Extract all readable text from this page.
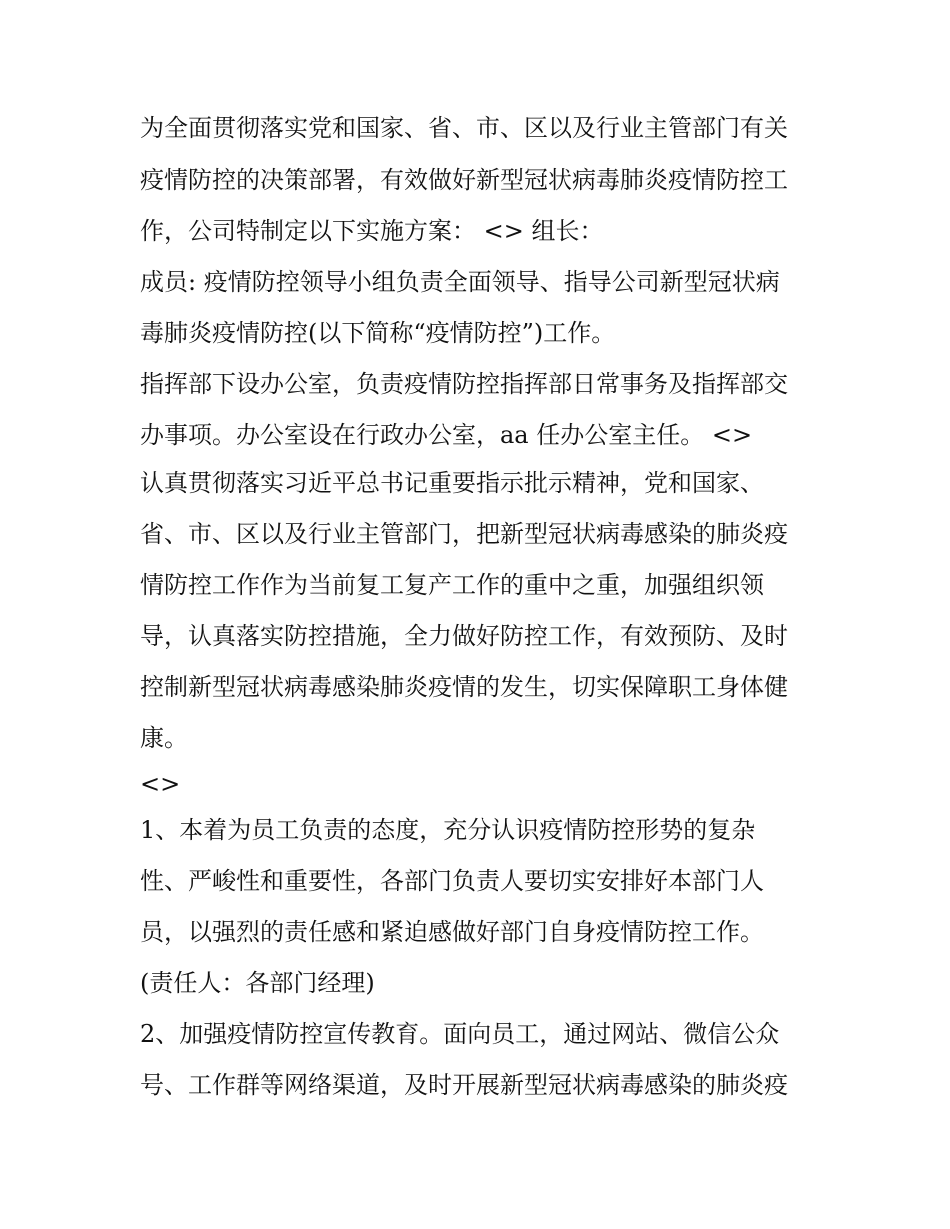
为全面贯彻落实党和国家、省、市、区以及行业主管部门有关
疫情防控的决策部署，有效做好新型冠状病毒肺炎疫情防控工
作，公司特制定以下实施方案： <> 组长：
成员: 疫情防控领导小组负责全面领导、指导公司新型冠状病
毒肺炎疫情防控(以下简称“疫情防控”)工作。
指挥部下设办公室，负责疫情防控指挥部日常事务及指挥部交
办事项。办公室设在行政办公室，aa 任办公室主任。 <>
认真贯彻落实习近平总书记重要指示批示精神，党和国家、
省、市、区以及行业主管部门，把新型冠状病毒感染的肺炎疫
情防控工作作为当前复工复产工作的重中之重，加强组织领
导，认真落实防控措施，全力做好防控工作，有效预防、及时
控制新型冠状病毒感染肺炎疫情的发生，切实保障职工身体健
康。
<>
1、本着为员工负责的态度，充分认识疫情防控形势的复杂
性、严峻性和重要性，各部门负责人要切实安排好本部门人
员，以强烈的责任感和紧迫感做好部门自身疫情防控工作。
(责任人：各部门经理)
2、加强疫情防控宣传教育。面向员工，通过网站、微信公众
号、工作群等网络渠道，及时开展新型冠状病毒感染的肺炎疫
